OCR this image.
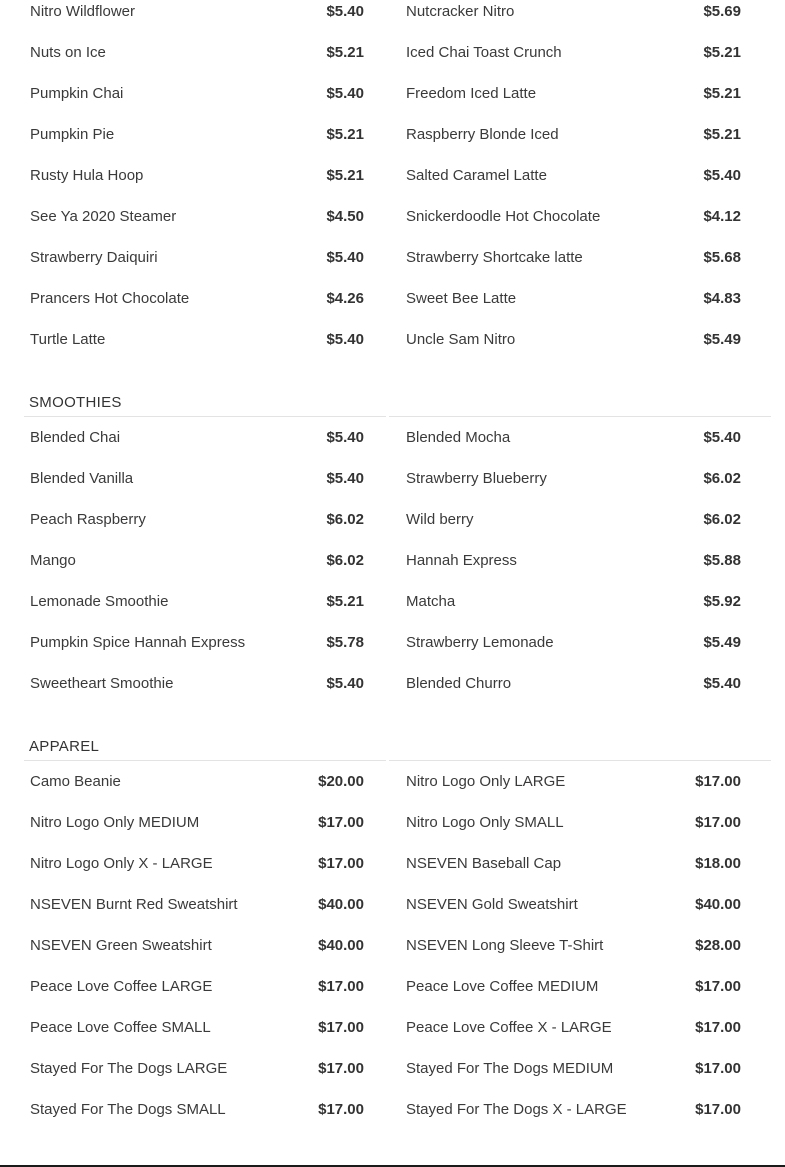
Nitro Wildflower	$5.40	Nutcracker Nitro	$5.69
Nuts on Ice	$5.21	Iced Chai Toast Crunch	$5.21
Pumpkin Chai	$5.40	Freedom Iced Latte	$5.21
Pumpkin Pie	$5.21	Raspberry Blonde Iced	$5.21
Rusty Hula Hoop	$5.21	Salted Caramel Latte	$5.40
See Ya 2020 Steamer	$4.50	Snickerdoodle Hot Chocolate	$4.12
Strawberry Daiquiri	$5.40	Strawberry Shortcake latte	$5.68
Prancers Hot Chocolate	$4.26	Sweet Bee Latte	$4.83
Turtle Latte	$5.40	Uncle Sam Nitro	$5.49
SMOOTHIES
Blended Chai	$5.40	Blended Mocha	$5.40
Blended Vanilla	$5.40	Strawberry Blueberry	$6.02
Peach Raspberry	$6.02	Wild berry	$6.02
Mango	$6.02	Hannah Express	$5.88
Lemonade Smoothie	$5.21	Matcha	$5.92
Pumpkin Spice Hannah Express	$5.78	Strawberry Lemonade	$5.49
Sweetheart Smoothie	$5.40	Blended Churro	$5.40
APPAREL
Camo Beanie	$20.00	Nitro Logo Only LARGE	$17.00
Nitro Logo Only MEDIUM	$17.00	Nitro Logo Only SMALL	$17.00
Nitro Logo Only X - LARGE	$17.00	NSEVEN Baseball Cap	$18.00
NSEVEN Burnt Red Sweatshirt	$40.00	NSEVEN Gold Sweatshirt	$40.00
NSEVEN Green Sweatshirt	$40.00	NSEVEN Long Sleeve T-Shirt	$28.00
Peace Love Coffee LARGE	$17.00	Peace Love Coffee MEDIUM	$17.00
Peace Love Coffee SMALL	$17.00	Peace Love Coffee X - LARGE	$17.00
Stayed For The Dogs LARGE	$17.00	Stayed For The Dogs MEDIUM	$17.00
Stayed For The Dogs SMALL	$17.00	Stayed For The Dogs X - LARGE	$17.00
